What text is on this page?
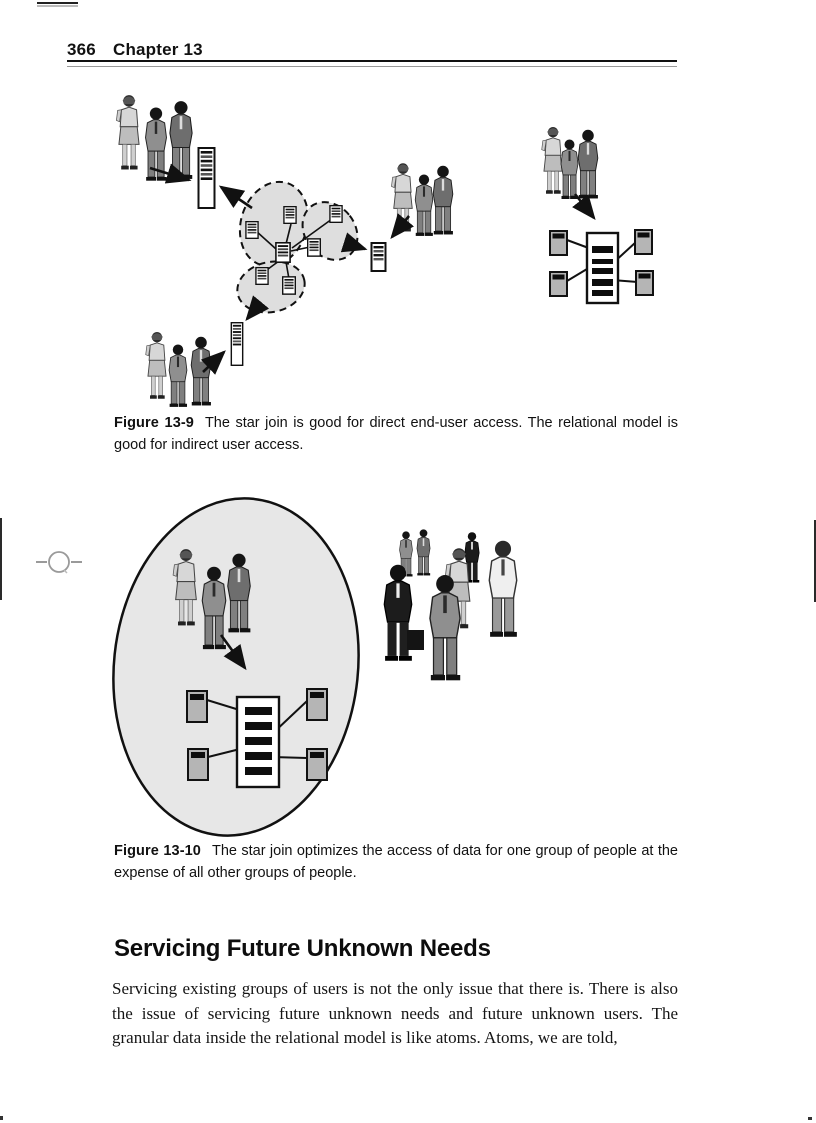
366 Chapter 13
Figure 13-9 The star join is good for direct end-user access. The relational model is good for indirect user access.
Figure 13-10 The star join optimizes the access of data for one group of people at the expense of all other groups of people.
Servicing Future Unknown Needs
Servicing existing groups of users is not the only issue that there is. There is also the issue of servicing future unknown needs and future unknown users. The granular data inside the relational model is like atoms. Atoms, we are told,
